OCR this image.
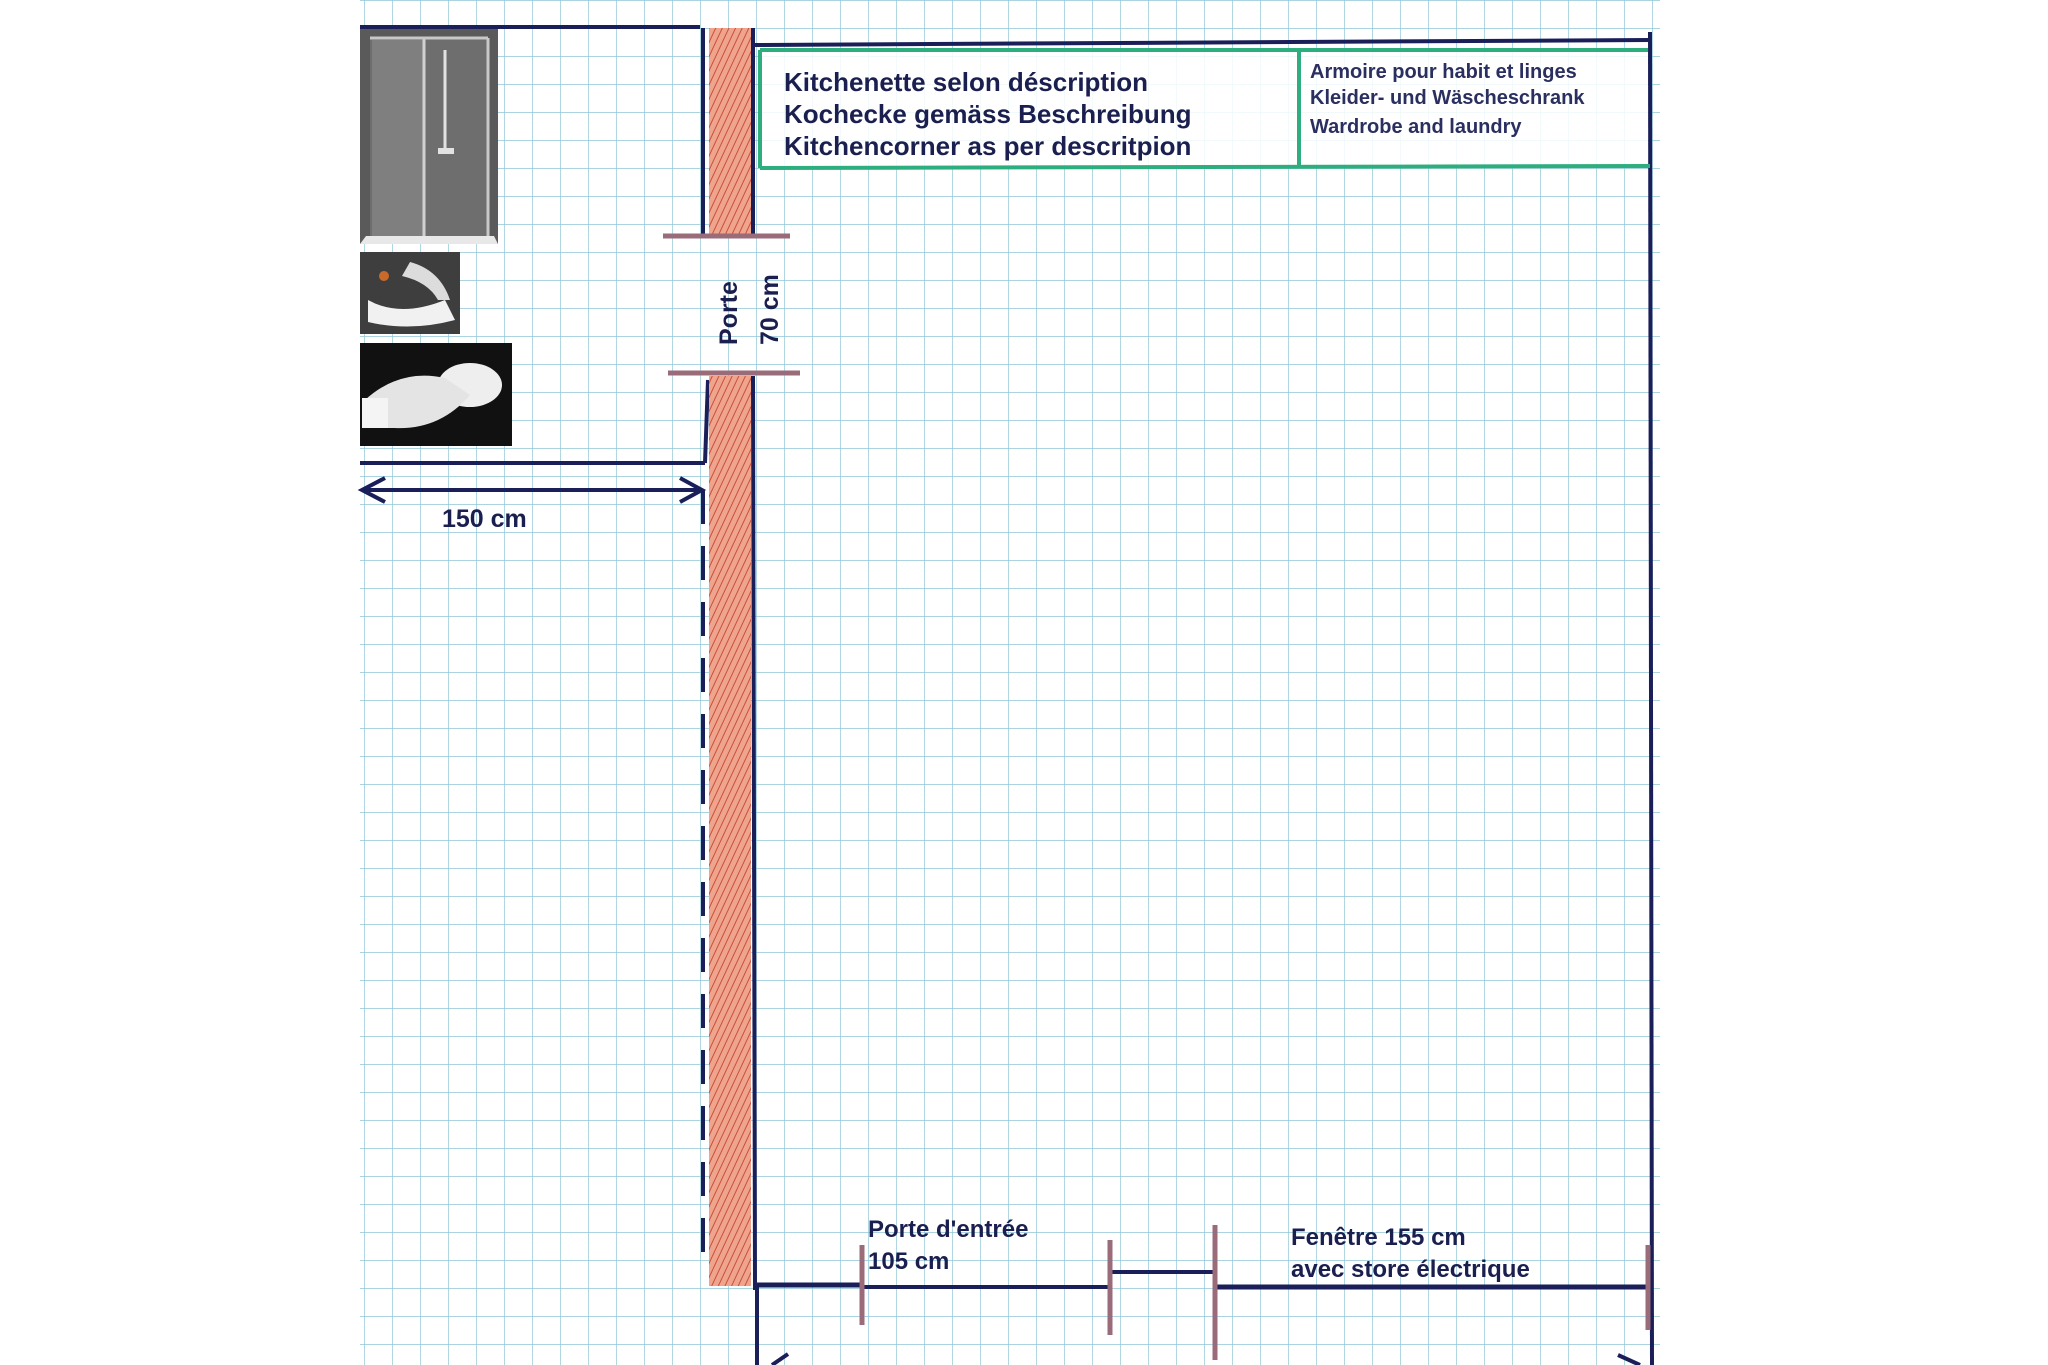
Porte 70 cm
Kitchenette selon déscription
Kochecke gemäss Beschreibung
Kitchencorner as per descritpion
Armoire pour habit et linges
Kleider- und Wäscheschrank
Wardrobe and laundry
150 cm
Porte d'entrée
105 cm
Fenêtre 155 cm
avec store électrique
